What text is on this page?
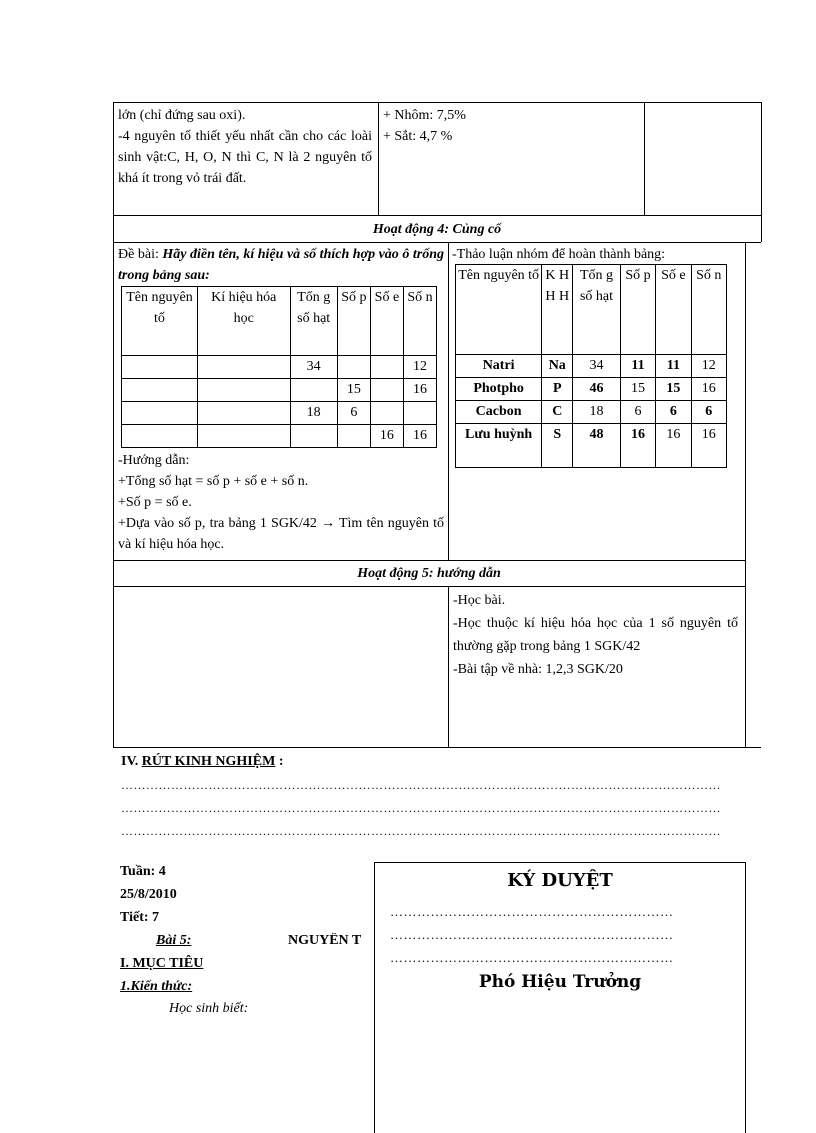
lớn (chỉ đứng sau oxi).
-4 nguyên tố thiết yếu nhất cần cho các loài sinh vật:C, H, O, N thì C, N là 2 nguyên tố khá ít trong vỏ trái đất.
+ Nhôm: 7,5%
+ Sắt: 4,7 %
Hoạt động 4: Củng cố
Đề bài: Hãy điền tên, kí hiệu và số thích hợp vào ô trống trong bảng sau:
Tên nguyên tố	Kí hiệu hóa học	Tổn g số hạt	Số p	Số e	Số n
		34			12
			15		16
		18	6		
				16	16
-Hướng dẫn:
+Tổng số hạt = số p + số e + số n.
+Số p = số e.
+Dựa vào số p, tra bảng 1 SGK/42 → Tìm tên nguyên tố và kí hiệu hóa học.
-Thảo luận nhóm để hoàn thành bảng:
Tên nguyên tố	K H H H	Tổn g số hạt	Số p	Số e	Số n
Natri	Na	34	11	11	12
Photpho	P	46	15	15	16
Cacbon	C	18	6	6	6
Lưu huỳnh	S	48	16	16	16
Hoạt động 5: hướng dẫn
-Học bài.
-Học thuộc kí hiệu hóa học của 1 số nguyên tố thường gặp trong bảng 1 SGK/42
-Bài tập về nhà: 1,2,3 SGK/20
IV. RÚT KINH NGHIỆM :
………………………………………………………………………………………………………………………………
………………………………………………………………………………………………………………………………
………………………………………………………………………………………………………………………………
Tuần: 4
25/8/2010
Tiết: 7
Bài 5:	NGUYÊN T
I. MỤC TIÊU
1.Kiến thức:
Học sinh biết:
KÝ DUYỆT
………………………………………………………
………………………………………………………
………………………………………………………
Phó Hiệu Trưởng
